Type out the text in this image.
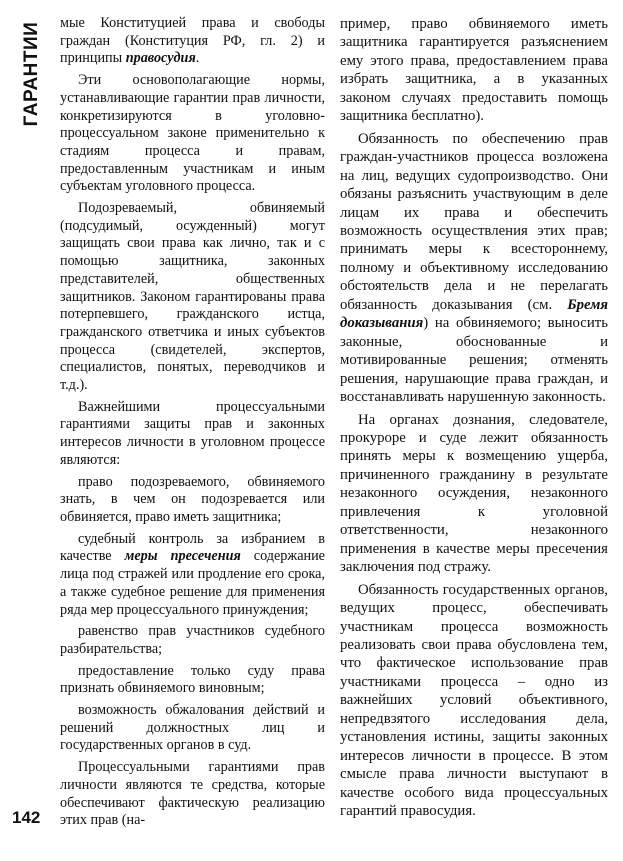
ГАРАНТИИ мые Конституцией права и свободы граждан (Конституция РФ, гл. 2) и принципы правосудия.

Эти основополагающие нормы, устанавливающие гарантии прав личности, конкретизируются в уголовно-процессуальном законе применительно к стадиям процесса и правам, предоставленным участникам и иным субъектам уголовного процесса.

Подозреваемый, обвиняемый (подсудимый, осужденный) могут защищать свои права как лично, так и с помощью защитника, законных представителей, общественных защитников. Законом гарантированы права потерпевшего, гражданского истца, гражданского ответчика и иных субъектов процесса (свидетелей, экспертов, специалистов, понятых, переводчиков и т.д.).

Важнейшими процессуальными гарантиями защиты прав и законных интересов личности в уголовном процессе являются:

право подозреваемого, обвиняемого знать, в чем он подозревается или обвиняется, право иметь защитника;

судебный контроль за избранием в качестве меры пресечения содержание лица под стражей или продление его срока, а также судебное решение для применения ряда мер процессуального принуждения;

равенство прав участников судебного разбирательства;

предоставление только суду права признать обвиняемого виновным;

возможность обжалования действий и решений должностных лиц и государственных органов в суд.

Процессуальными гарантиями прав личности являются те средства, которые обеспечивают фактическую реализацию этих прав (на-

пример, право обвиняемого иметь защитника гарантируется разъяснением ему этого права, предоставлением права избрать защитника, а в указанных законом случаях предоставить помощь защитника бесплатно).

Обязанность по обеспечению прав граждан-участников процесса возложена на лиц, ведущих судопроизводство. Они обязаны разъяснить участвующим в деле лицам их права и обеспечить возможность осуществления этих прав; принимать меры к всестороннему, полному и объективному исследованию обстоятельств дела и не перелагать обязанность доказывания (см. Бремя доказывания) на обвиняемого; выносить законные, обоснованные и мотивированные решения; отменять решения, нарушающие права граждан, и восстанавливать нарушенную законность.

На органах дознания, следователе, прокуроре и суде лежит обязанность принять меры к возмещению ущерба, причиненного гражданину в результате незаконного осуждения, незаконного привлечения к уголовной ответственности, незаконного применения в качестве меры пресечения заключения под стражу.

Обязанность государственных органов, ведущих процесс, обеспечивать участникам процесса возможность реализовать свои права обусловлена тем, что фактическое использование прав участниками процесса – одно из важнейших условий объективного, непредвзятого исследования дела, установления истины, защиты законных интересов личности в процессе. В этом смысле права личности выступают в качестве особого вида процессуальных гарантий правосудия.

142
